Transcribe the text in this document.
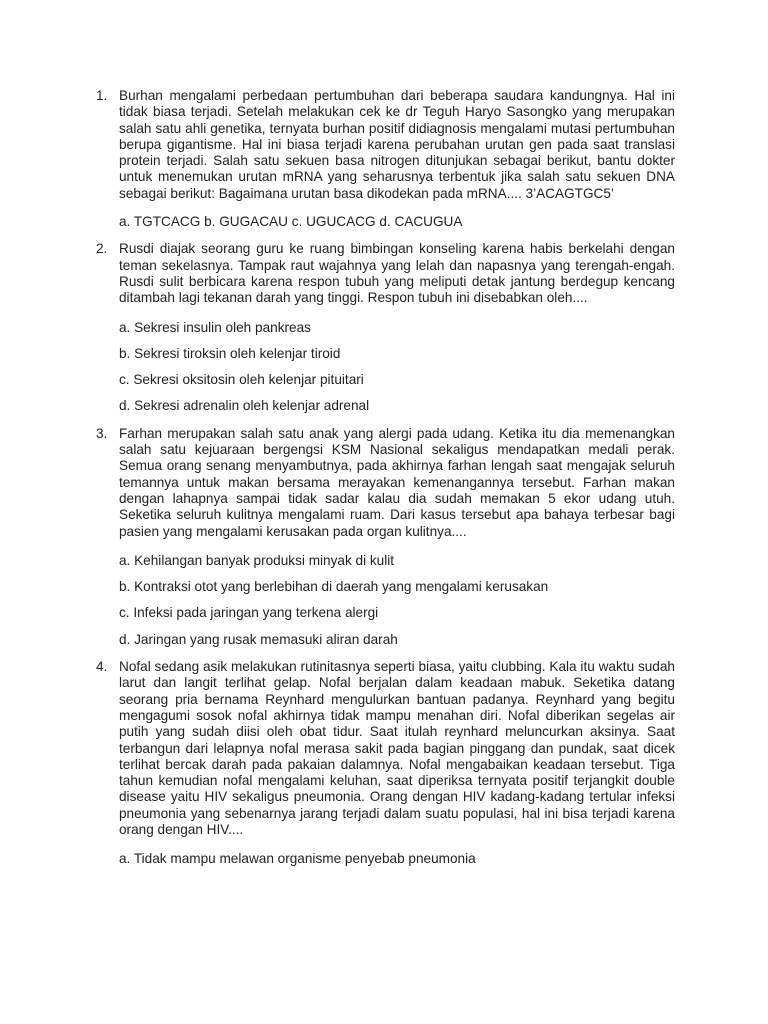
1. Burhan mengalami perbedaan pertumbuhan dari beberapa saudara kandungnya. Hal ini tidak biasa terjadi. Setelah melakukan cek ke dr Teguh Haryo Sasongko yang merupakan salah satu ahli genetika, ternyata burhan positif didiagnosis mengalami mutasi pertumbuhan berupa gigantisme. Hal ini biasa terjadi karena perubahan urutan gen pada saat translasi protein terjadi. Salah satu sekuen basa nitrogen ditunjukan sebagai berikut, bantu dokter untuk menemukan urutan mRNA yang seharusnya terbentuk jika salah satu sekuen DNA sebagai berikut: Bagaimana urutan basa dikodekan pada mRNA.... 3’ACAGTGC5’

a. TGTCACG b. GUGACAU c. UGUCACG d. CACUGUA
2. Rusdi diajak seorang guru ke ruang bimbingan konseling karena habis berkelahi dengan teman sekelasnya. Tampak raut wajahnya yang lelah dan napasnya yang terengah-engah. Rusdi sulit berbicara karena respon tubuh yang meliputi detak jantung berdegup kencang ditambah lagi tekanan darah yang tinggi. Respon tubuh ini disebabkan oleh....

a. Sekresi insulin oleh pankreas
b. Sekresi tiroksin oleh kelenjar tiroid
c. Sekresi oksitosin oleh kelenjar pituitari
d. Sekresi adrenalin oleh kelenjar adrenal
3. Farhan merupakan salah satu anak yang alergi pada udang. Ketika itu dia memenangkan salah satu kejuaraan bergengsi KSM Nasional sekaligus mendapatkan medali perak. Semua orang senang menyambutnya, pada akhirnya farhan lengah saat mengajak seluruh temannya untuk makan bersama merayakan kemenangannya tersebut. Farhan makan dengan lahapnya sampai tidak sadar kalau dia sudah memakan 5 ekor udang utuh. Seketika seluruh kulitnya mengalami ruam. Dari kasus tersebut apa bahaya terbesar bagi pasien yang mengalami kerusakan pada organ kulitnya....

a. Kehilangan banyak produksi minyak di kulit
b. Kontraksi otot yang berlebihan di daerah yang mengalami kerusakan
c. Infeksi pada jaringan yang terkena alergi
d. Jaringan yang rusak memasuki aliran darah
4. Nofal sedang asik melakukan rutinitasnya seperti biasa, yaitu clubbing. Kala itu waktu sudah larut dan langit terlihat gelap. Nofal berjalan dalam keadaan mabuk. Seketika datang seorang pria bernama Reynhard mengulurkan bantuan padanya. Reynhard yang begitu mengagumi sosok nofal akhirnya tidak mampu menahan diri. Nofal diberikan segelas air putih yang sudah diisi oleh obat tidur. Saat itulah reynhard meluncurkan aksinya. Saat terbangun dari lelapnya nofal merasa sakit pada bagian pinggang dan pundak, saat dicek terlihat bercak darah pada pakaian dalamnya. Nofal mengabaikan keadaan tersebut. Tiga tahun kemudian nofal mengalami keluhan, saat diperiksa ternyata positif terjangkit double disease yaitu HIV sekaligus pneumonia. Orang dengan HIV kadang-kadang tertular infeksi pneumonia yang sebenarnya jarang terjadi dalam suatu populasi, hal ini bisa terjadi karena orang dengan HIV....

a. Tidak mampu melawan organisme penyebab pneumonia
